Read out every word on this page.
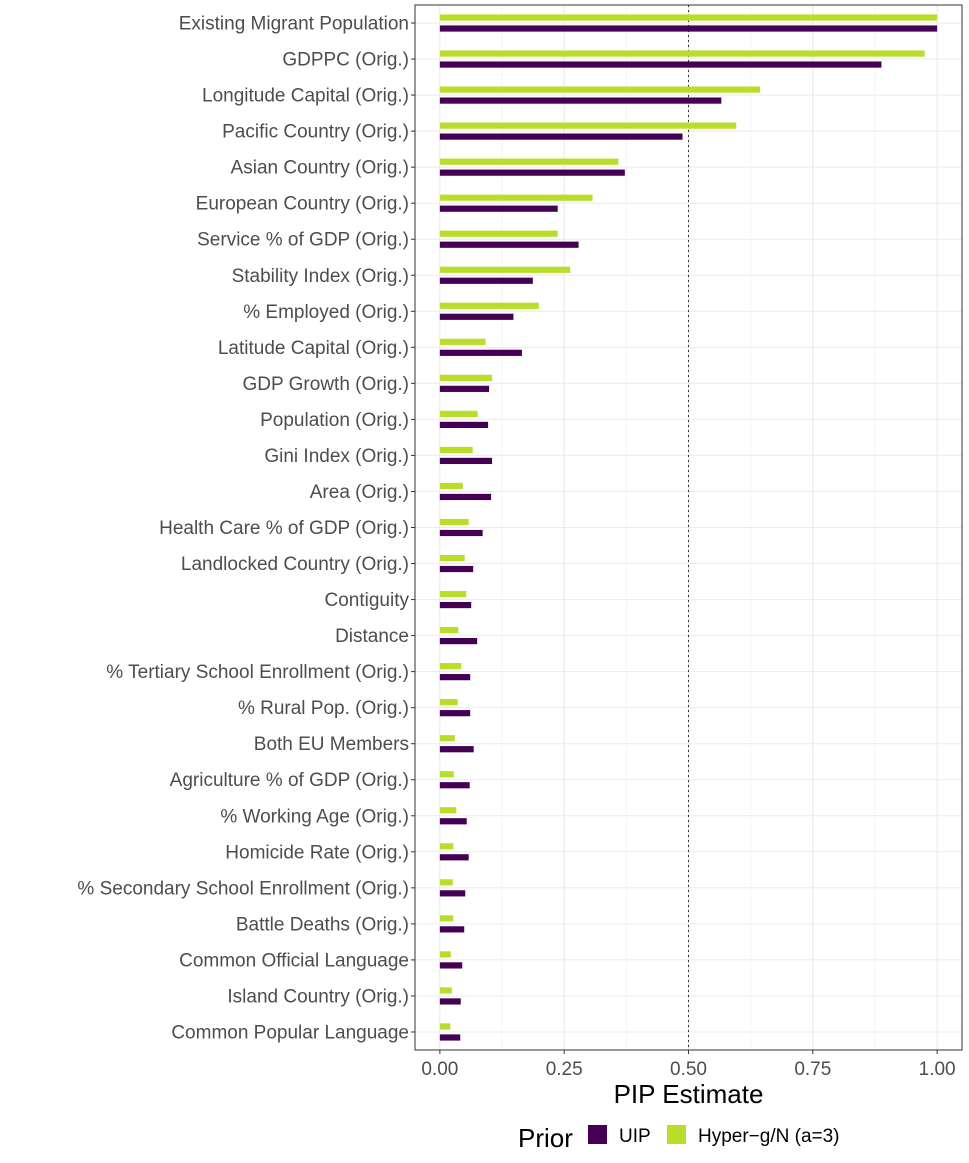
Existing Migrant Population
GDPPC (Orig.)
Longitude Capital (Orig.)
Pacific Country (Orig.)
Asian Country (Orig.)
European Country (Orig.)
Service % of GDP (Orig.)
Stability Index (Orig.)
% Employed (Orig.)
Latitude Capital (Orig.)
GDP Growth (Orig.)
Population (Orig.)
Gini Index (Orig.)
Area (Orig.)
Health Care % of GDP (Orig.)
Landlocked Country (Orig.)
Contiguity
Distance
% Tertiary School Enrollment (Orig.)
% Rural Pop. (Orig.)
Both EU Members
Agriculture % of GDP (Orig.)
% Working Age (Orig.)
Homicide Rate (Orig.)
% Secondary School Enrollment (Orig.)
Battle Deaths (Orig.)
Common Official Language
Island Country (Orig.)
Common Popular Language
0.00	0.25	0.50	0.75	1.00
PIP Estimate
Prior UIP Hyper−g/N (a=3)
